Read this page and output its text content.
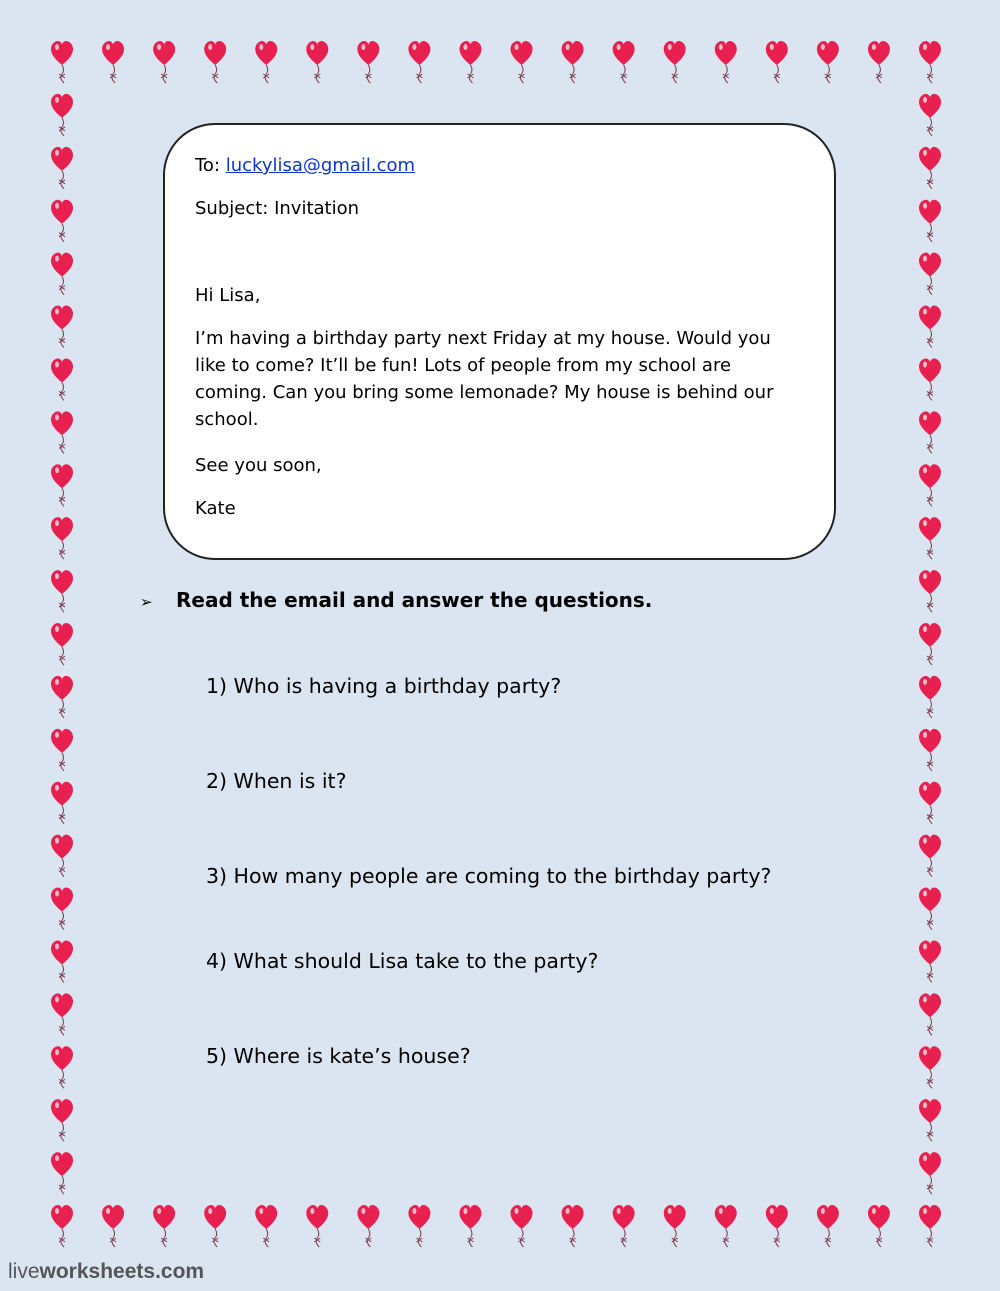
To: luckylisa@gmail.com
Subject: Invitation
Hi Lisa,
I’m having a birthday party next Friday at my house. Would you like to come? It’ll be fun! Lots of people from my school are coming. Can you bring some lemonade? My house is behind our school.
See you soon,
Kate
➢ Read the email and answer the questions.
1) Who is having a birthday party?
2) When is it?
3) How many people are coming to the birthday party?
4) What should Lisa take to the party?
5) Where is kate’s house?
liveworksheets.com
